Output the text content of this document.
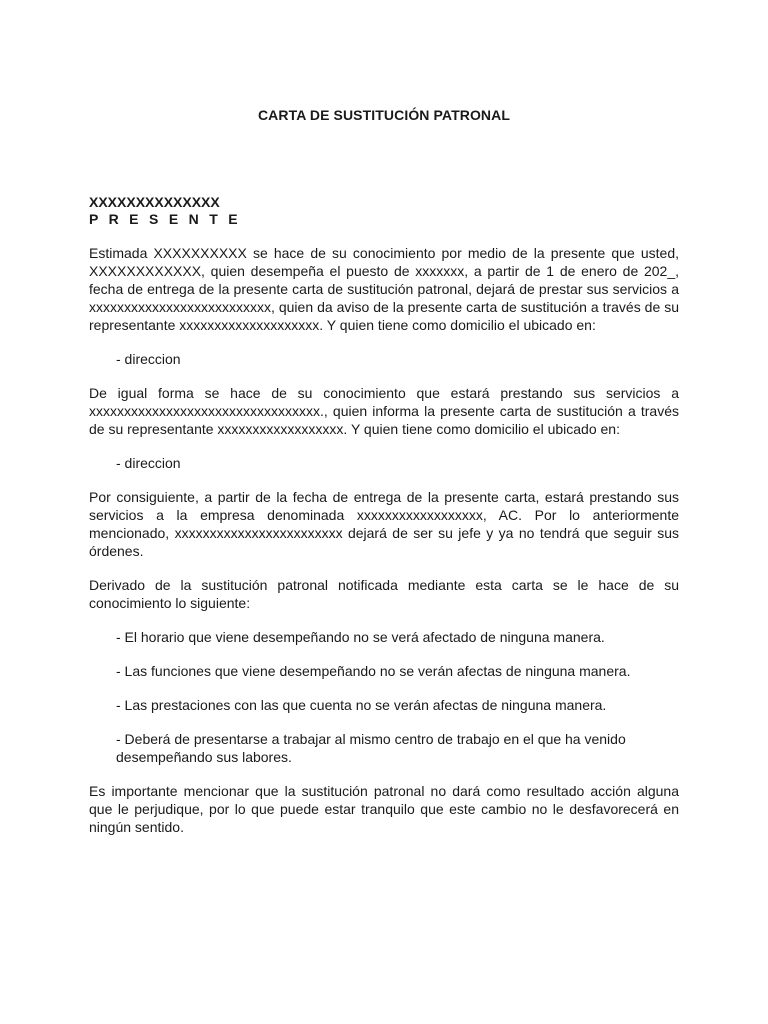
CARTA DE SUSTITUCIÓN PATRONAL
XXXXXXXXXXXXXX
P R E S E N T E

Estimada XXXXXXXXXX se hace de su conocimiento por medio de la presente que usted, XXXXXXXXXXXX, quien desempeña el puesto de xxxxxxx, a partir de 1 de enero de 202_, fecha de entrega de la presente carta de sustitución patronal, dejará de prestar sus servicios a xxxxxxxxxxxxxxxxxxxxxxxxxx, quien da aviso de la presente carta de sustitución a través de su representante xxxxxxxxxxxxxxxxxxxx. Y quien tiene como domicilio el ubicado en:

- direccion

De igual forma se hace de su conocimiento que estará prestando sus servicios a xxxxxxxxxxxxxxxxxxxxxxxxxxxxxxxxx., quien informa la presente carta de sustitución a través de su representante xxxxxxxxxxxxxxxxxx. Y quien tiene como domicilio el ubicado en:

- direccion

Por consiguiente, a partir de la fecha de entrega de la presente carta, estará prestando sus servicios a la empresa denominada xxxxxxxxxxxxxxxxxx, AC. Por lo anteriormente mencionado, xxxxxxxxxxxxxxxxxxxxxxxx dejará de ser su jefe y ya no tendrá que seguir sus órdenes.

Derivado de la sustitución patronal notificada mediante esta carta se le hace de su conocimiento lo siguiente:

- El horario que viene desempeñando no se verá afectado de ninguna manera.

- Las funciones que viene desempeñando no se verán afectas de ninguna manera.

- Las prestaciones con las que cuenta no se verán afectas de ninguna manera.

- Deberá de presentarse a trabajar al mismo centro de trabajo en el que ha venido desempeñando sus labores.

Es importante mencionar que la sustitución patronal no dará como resultado acción alguna que le perjudique, por lo que puede estar tranquilo que este cambio no le desfavorecerá en ningún sentido.
